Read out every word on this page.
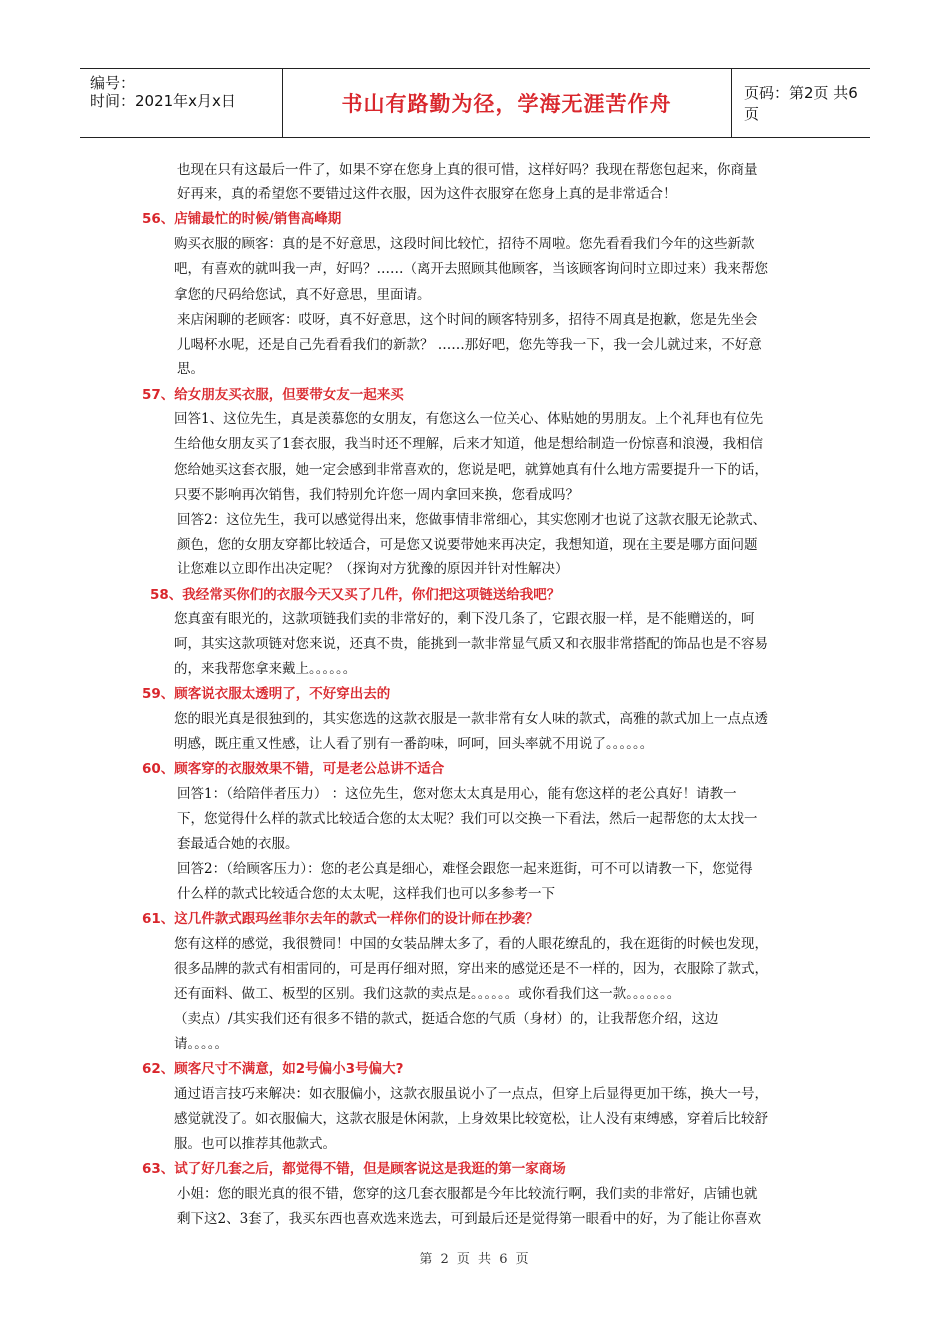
编号：
时间：2021年x月x日	书山有路勤为径，学海无涯苦作舟	页码：第2页 共6页
也现在只有这最后一件了，如果不穿在您身上真的很可惜，这样好吗？我现在帮您包起来，你商量
好再来，真的希望您不要错过这件衣服，因为这件衣服穿在您身上真的是非常适合！
56、店铺最忙的时候/销售高峰期
购买衣服的顾客：真的是不好意思，这段时间比较忙，招待不周啦。您先看看我们今年的这些新款
吧，有喜欢的就叫我一声，好吗？……（离开去照顾其他顾客，当该顾客询问时立即过来）我来帮您
拿您的尺码给您试，真不好意思，里面请。
来店闲聊的老顾客：哎呀，真不好意思，这个时间的顾客特别多，招待不周真是抱歉，您是先坐会
儿喝杯水呢，还是自己先看看我们的新款？ ……那好吧，您先等我一下，我一会儿就过来，不好意
思。
57、给女朋友买衣服，但要带女友一起来买
回答1、这位先生，真是羡慕您的女朋友，有您这么一位关心、体贴她的男朋友。上个礼拜也有位先
生给他女朋友买了1套衣服，我当时还不理解，后来才知道，他是想给制造一份惊喜和浪漫，我相信
您给她买这套衣服，她一定会感到非常喜欢的，您说是吧，就算她真有什么地方需要提升一下的话，
只要不影响再次销售，我们特别允许您一周内拿回来换，您看成吗？
回答2：这位先生，我可以感觉得出来，您做事情非常细心，其实您刚才也说了这款衣服无论款式、
颜色，您的女朋友穿都比较适合，可是您又说要带她来再决定，我想知道，现在主要是哪方面问题
让您难以立即作出决定呢？（探询对方犹豫的原因并针对性解决）
58、我经常买你们的衣服今天又买了几件，你们把这项链送给我吧？
您真蛮有眼光的，这款项链我们卖的非常好的，剩下没几条了，它跟衣服一样，是不能赠送的，呵
呵，其实这款项链对您来说，还真不贵，能挑到一款非常显气质又和衣服非常搭配的饰品也是不容易
的，来我帮您拿来戴上。。。。。。
59、顾客说衣服太透明了，不好穿出去的
您的眼光真是很独到的，其实您选的这款衣服是一款非常有女人味的款式，高雅的款式加上一点点透
明感，既庄重又性感，让人看了别有一番韵味，呵呵，回头率就不用说了。。。。。。
60、顾客穿的衣服效果不错，可是老公总讲不适合
回答1：（给陪伴者压力） ：这位先生，您对您太太真是用心，能有您这样的老公真好！请教一
下，您觉得什么样的款式比较适合您的太太呢？我们可以交换一下看法，然后一起帮您的太太找一
套最适合她的衣服。
回答2：（给顾客压力）：您的老公真是细心，难怪会跟您一起来逛街，可不可以请教一下，您觉得
什么样的款式比较适合您的太太呢，这样我们也可以多参考一下
61、这几件款式跟玛丝菲尔去年的款式一样你们的设计师在抄袭？
您有这样的感觉，我很赞同！中国的女装品牌太多了，看的人眼花缭乱的，我在逛街的时候也发现，
很多品牌的款式有相雷同的，可是再仔细对照，穿出来的感觉还是不一样的，因为，衣服除了款式，
还有面料、做工、板型的区别。我们这款的卖点是。。。。。。或你看我们这一款。。。。。。。
（卖点）/其实我们还有很多不错的款式，挺适合您的气质（身材）的，让我帮您介绍，这边
请。。。。。
62、顾客尺寸不满意，如2号偏小3号偏大?
通过语言技巧来解决：如衣服偏小，这款衣服虽说小了一点点，但穿上后显得更加干练，换大一号，
感觉就没了。如衣服偏大，这款衣服是休闲款，上身效果比较宽松，让人没有束缚感，穿着后比较舒
服。也可以推荐其他款式。
63、试了好几套之后，都觉得不错，但是顾客说这是我逛的第一家商场
小姐：您的眼光真的很不错，您穿的这几套衣服都是今年比较流行啊，我们卖的非常好，店铺也就
剩下这2、3套了，我买东西也喜欢选来选去，可到最后还是觉得第一眼看中的好，为了能让你喜欢
第 2 页 共 6 页
